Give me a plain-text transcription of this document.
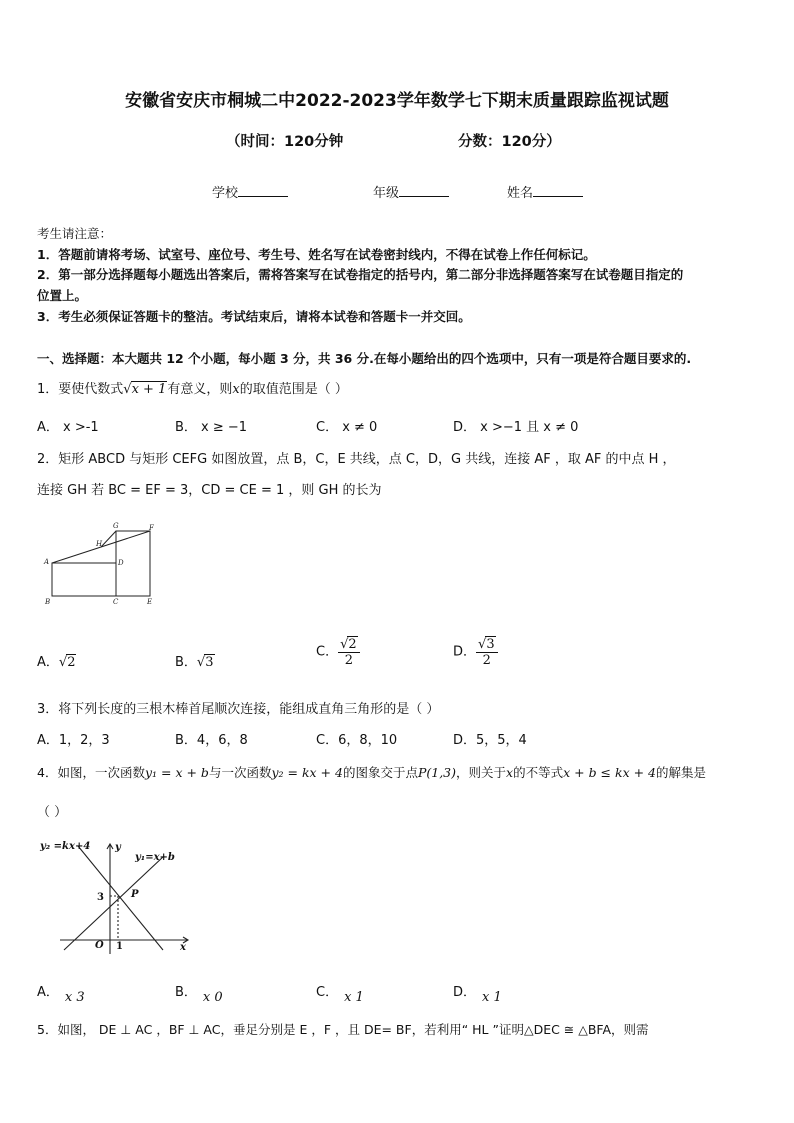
安徽省安庆市桐城二中2022-2023学年数学七下期末质量跟踪监视试题
（时间：120分钟	分数：120分）
学校	年级	姓名
考生请注意：
1．答题前请将考场、试室号、座位号、考生号、姓名写在试卷密封线内，不得在试卷上作任何标记。
2．第一部分选择题每小题选出答案后，需将答案写在试卷指定的括号内，第二部分非选择题答案写在试卷题目指定的
位置上。
3．考生必须保证答题卡的整洁。考试结束后，请将本试卷和答题卡一并交回。
一、选择题：本大题共 12 个小题，每小题 3 分，共 36 分.在每小题给出的四个选项中，只有一项是符合题目要求的.
1．要使代数式√x + 1有意义，则x的取值范围是（ ）
A． x >-1	B． x ≥ −1	C． x ≠ 0	D． x >−1 且 x ≠ 0
2．矩形 ABCD 与矩形 CEFG 如图放置，点 B，C，E 共线，点 C，D，G 共线，连接 AF ，取 AF 的中点 H ，
连接 GH 若 BC = EF = 3，CD = CE = 1 ，则 GH 的长为
G	F
H
A	D
B	C	E
A．√2	B．√3
C． $\frac{√2}{2}$	D． $\frac{√3}{2}$
3．将下列长度的三根木棒首尾顺次连接，能组成直角三角形的是（ ）
A．1，2，3	B．4，6，8	C．6，8，10	D．5，5，4
4．如图，一次函数y₁ = x + b与一次函数y₂ = kx + 4的图象交于点P(1,3)，则关于x的不等式x + b ≤ kx + 4的解集是
（ ）
y₂ =kx+4
y₁=x+b
y
x
P
O
3
1
A． x 3	B． x 0	C． x 1	D． x 1
5．如图， DE ⊥ AC ，BF ⊥ AC，垂足分别是 E ，F ，且 DE= BF，若利用“ HL ”证明△DEC ≅ △BFA，则需
